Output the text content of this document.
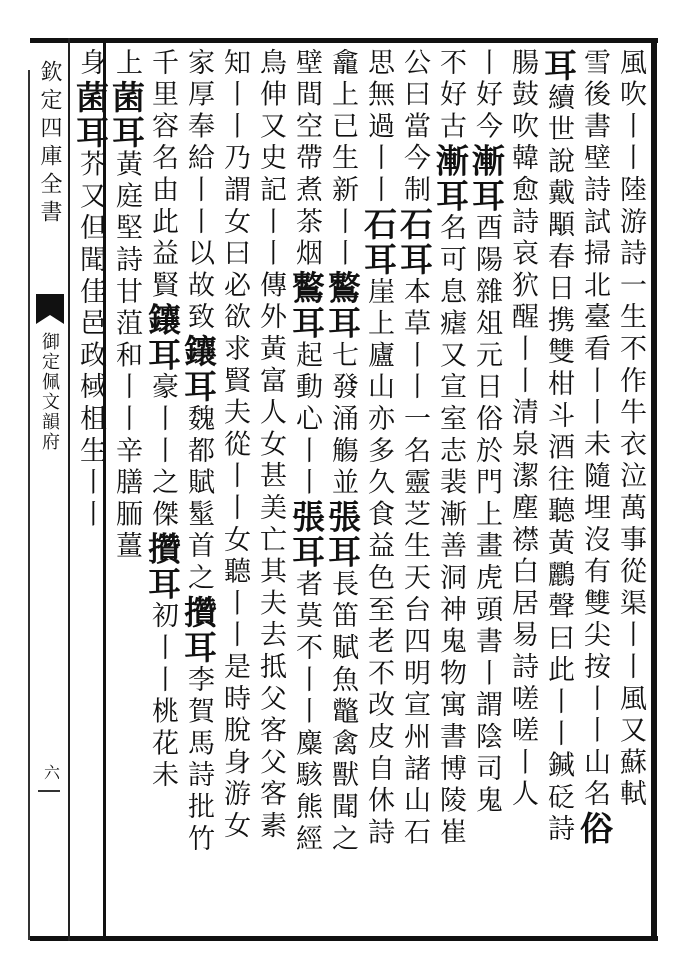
欽定四庫全書
御定佩文韻府
六	風吹丨丨陸游詩一生不作牛衣泣萬事從渠丨丨風又蘇軾
雪後書壁詩試掃北臺看丨丨未隨埋沒有雙尖按丨丨山名俗
耳續世說戴顒春日携雙柑斗酒往聽黃鸝聲曰此丨丨鍼砭詩
腸鼓吹韓愈詩哀狖醒丨丨清泉潔塵襟白居易詩嗟嗟丨人
丨好今漸耳酉陽雜俎元日俗於門上畫虎頭書丨謂陰司鬼
不好古漸耳名可息瘧又宣室志裴漸善洞神鬼物寓書博陵崔
公曰當今制石耳本草丨丨一名靈芝生天台四明宣州諸山石
思無過丨丨石耳崖上廬山亦多久食益色至老不改皮自休詩
龕上已生新丨丨鷘耳七發涌觴並張耳長笛賦魚鼈禽獸聞之
壁間空帶煮茶烟鷘耳起動心丨丨張耳者莫不丨丨麋駭熊經
鳥伸又史記丨丨傳外黃富人女甚美亡其夫去抵父客父客素
知丨丨乃謂女曰必欲求賢夫從丨丨女聽丨丨是時脫身游女
家厚奉給丨丨以故致鑲耳魏都賦髽首之攢耳李賀馬詩批竹
千里容名由此益賢鑲耳豪丨丨之傑攢耳初丨丨桃花未
上菌耳黃庭堅詩甘菹和丨丨辛膳胹薑
身菌耳芥又但聞佳邑政棫柤生丨丨
